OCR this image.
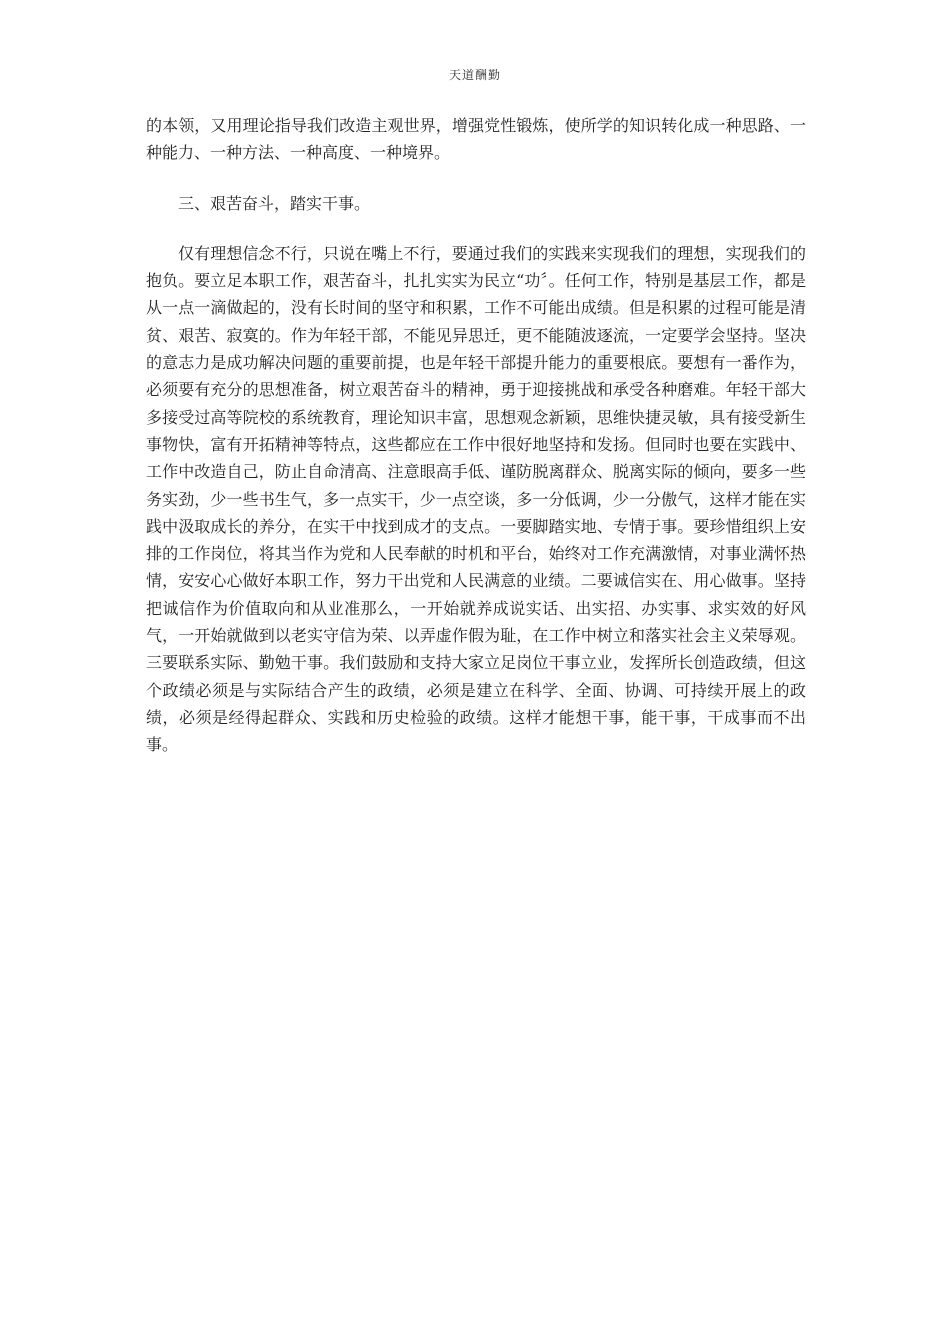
天道酬勤

的本领，又用理论指导我们改造主观世界，增强党性锻炼，使所学的知识转化成一种思路、一种能力、一种方法、一种高度、一种境界。

三、艰苦奋斗，踏实干事。

仅有理想信念不行，只说在嘴上不行，要通过我们的实践来实现我们的理想，实现我们的抱负。要立足本职工作，艰苦奋斗，扎扎实实为民立“功〞。任何工作，特别是基层工作，都是从一点一滴做起的，没有长时间的坚守和积累，工作不可能出成绩。但是积累的过程可能是清贫、艰苦、寂寞的。作为年轻干部，不能见异思迁，更不能随波逐流，一定要学会坚持。坚决的意志力是成功解决问题的重要前提，也是年轻干部提升能力的重要根底。要想有一番作为，必须要有充分的思想准备，树立艰苦奋斗的精神，勇于迎接挑战和承受各种磨难。年轻干部大多接受过高等院校的系统教育，理论知识丰富，思想观念新颖，思维快捷灵敏，具有接受新生事物快，富有开拓精神等特点，这些都应在工作中很好地坚持和发扬。但同时也要在实践中、工作中改造自己，防止自命清高、注意眼高手低、谨防脱离群众、脱离实际的倾向，要多一些务实劲，少一些书生气，多一点实干，少一点空谈，多一分低调，少一分傲气，这样才能在实践中汲取成长的养分，在实干中找到成才的支点。一要脚踏实地、专情于事。要珍惜组织上安排的工作岗位，将其当作为党和人民奉献的时机和平台，始终对工作充满激情，对事业满怀热情，安安心心做好本职工作，努力干出党和人民满意的业绩。二要诚信实在、用心做事。坚持把诚信作为价值取向和从业准那么，一开始就养成说实话、出实招、办实事、求实效的好风气，一开始就做到以老实守信为荣、以弄虚作假为耻，在工作中树立和落实社会主义荣辱观。三要联系实际、勤勉干事。我们鼓励和支持大家立足岗位干事立业，发挥所长创造政绩，但这个政绩必须是与实际结合产生的政绩，必须是建立在科学、全面、协调、可持续开展上的政绩，必须是经得起群众、实践和历史检验的政绩。这样才能想干事，能干事，干成事而不出事。
